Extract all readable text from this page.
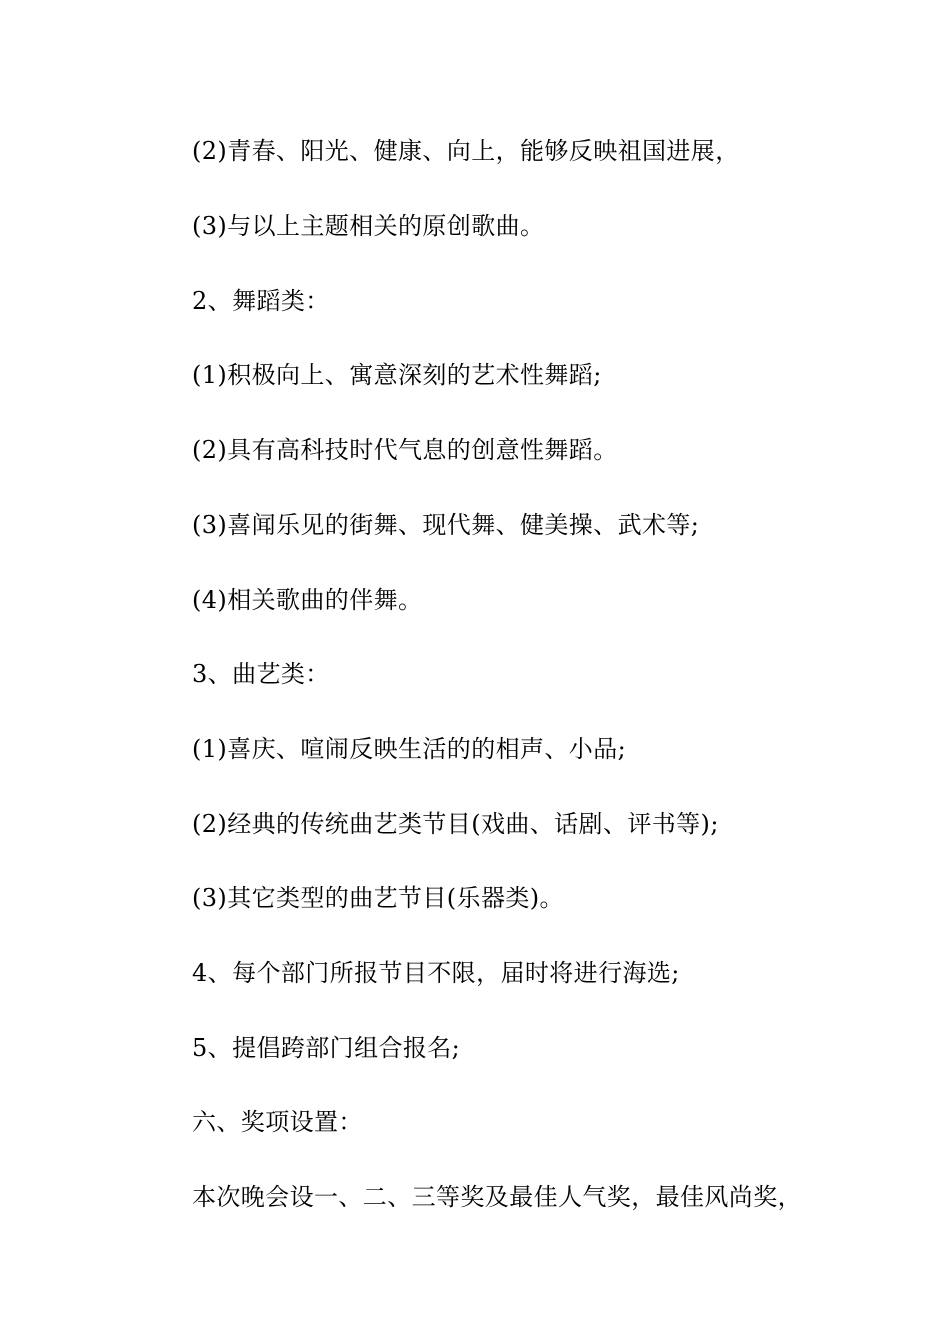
(2)青春、阳光、健康、向上，能够反映祖国进展，
(3)与以上主题相关的原创歌曲。
2、舞蹈类：
(1)积极向上、寓意深刻的艺术性舞蹈;
(2)具有高科技时代气息的创意性舞蹈。
(3)喜闻乐见的街舞、现代舞、健美操、武术等;
(4)相关歌曲的伴舞。
3、曲艺类：
(1)喜庆、喧闹反映生活的的相声、小品;
(2)经典的传统曲艺类节目(戏曲、话剧、评书等);
(3)其它类型的曲艺节目(乐器类)。
4、每个部门所报节目不限，届时将进行海选;
5、提倡跨部门组合报名;
六、奖项设置：
本次晚会设一、二、三等奖及最佳人气奖，最佳风尚奖，
